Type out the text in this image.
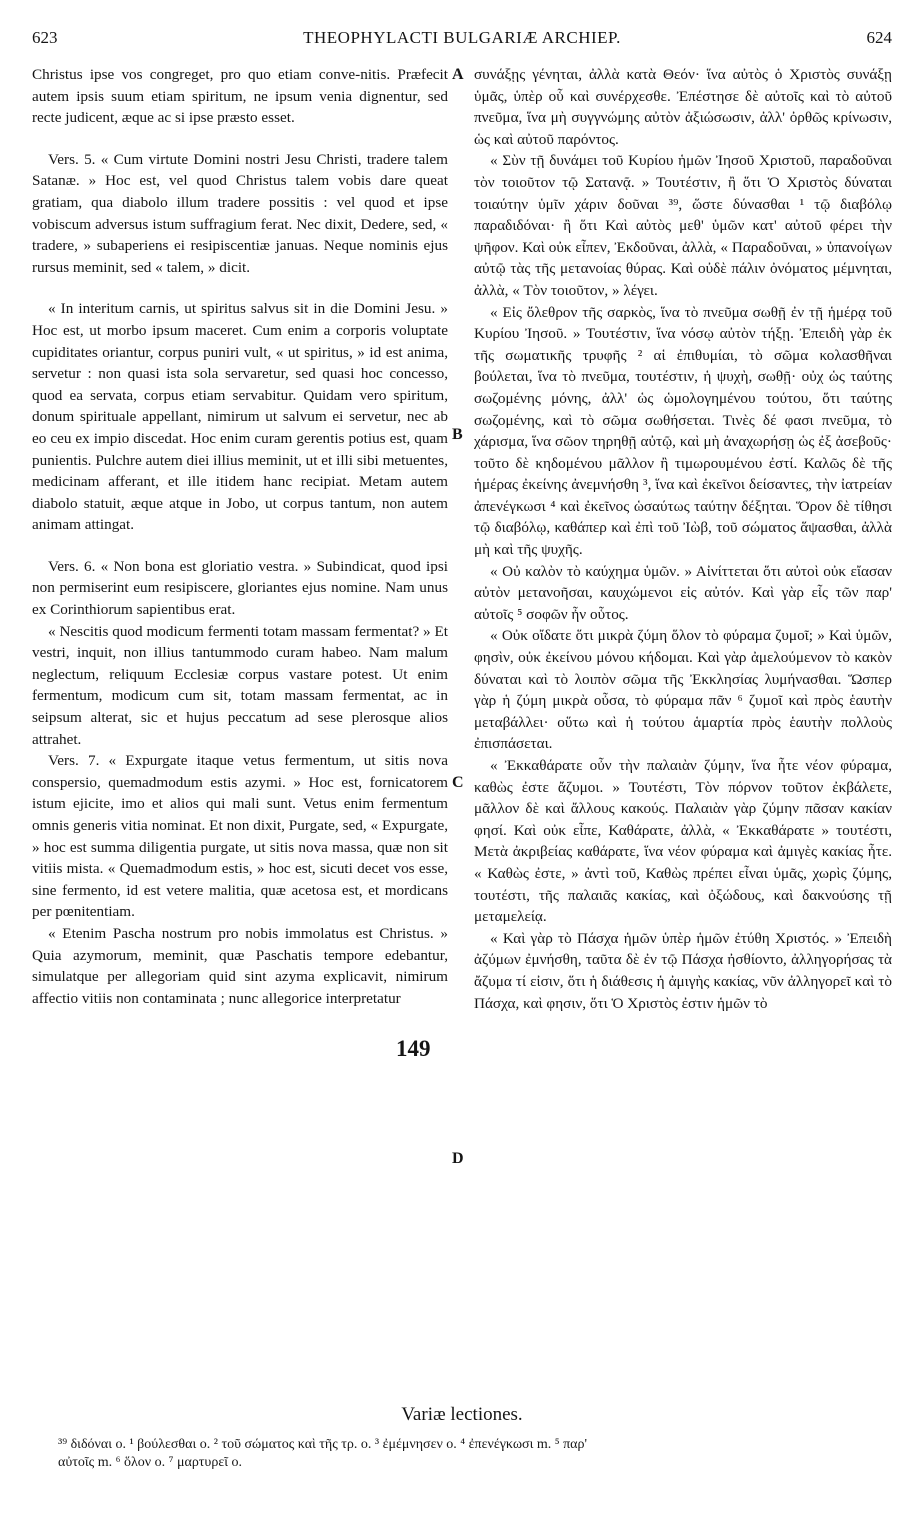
623	THEOPHYLACTI BULGARIÆ ARCHIEP.	624

Christus ipse vos congreget, pro quo etiam conve-nitis. Præfecit autem ipsis suum etiam spiritum, ne ipsum venia dignentur, sed recte judicent, æque ac si ipse præsto esset.

Vers. 5. « Cum virtute Domini nostri Jesu Christi, tradere talem Satanæ. » Hoc est, vel quod Christus talem vobis dare queat gratiam, qua diabolo illum tradere possitis : vel quod et ipse vobiscum adversus istum suffragium ferat. Nec dixit, Dedere, sed, « tradere, » subaperiens ei resipiscentiæ januas. Neque nominis ejus rursus meminit, sed « talem, » dicit.

« In interitum carnis, ut spiritus salvus sit in die Domini Jesu. » Hoc est, ut morbo ipsum maceret. Cum enim a corporis voluptate cupiditates oriantur, corpus puniri vult, « ut spiritus, » id est anima, servetur : non quasi ista sola servaretur, sed quasi hoc concesso, quod ea servata, corpus etiam servabitur. Quidam vero spiritum, donum spirituale appellant, nimirum ut salvum ei servetur, nec ab eo ceu ex impio discedat. Hoc enim curam gerentis potius est, quam punientis. Pulchre autem diei illius meminit, ut et illi sibi metuentes, medicinam afferant, et ille itidem hanc recipiat. Metam autem diabolo statuit, æque atque in Jobo, ut corpus tantum, non autem animam attingat.

Vers. 6. « Non bona est gloriatio vestra. » Subindicat, quod ipsi non permiserint eum resipiscere, gloriantes ejus nomine. Nam unus ex Corinthiorum sapientibus erat.

« Nescitis quod modicum fermenti totam massam fermentat? » Et vestri, inquit, non illius tantummodo curam habeo. Nam malum neglectum, reliquum Ecclesiæ corpus vastare potest. Ut enim fermentum, modicum cum sit, totam massam fermentat, ac in seipsum alterat, sic et hujus peccatum ad sese plerosque alios attrahet.

Vers. 7. « Expurgate itaque vetus fermentum, ut sitis nova conspersio, quemadmodum estis azymi. » Hoc est, fornicatorem istum ejicite, imo et alios qui mali sunt. Vetus enim fermentum omnis generis vitia nominat. Et non dixit, Purgate, sed, « Expurgate, » hoc est summa diligentia purgate, ut sitis nova massa, quæ non sit vitiis mista. « Quemadmodum estis, » hoc est, sicuti decet vos esse, sine fermento, id est vetere malitia, quæ acetosa est, et mordicans per pœnitentiam.

« Etenim Pascha nostrum pro nobis immolatus est Christus. » Quia azymorum, meminit, quæ Paschatis tempore edebantur, simulatque per allegoriam quid sint azyma explicavit, nimirum affectio vitiis non contaminata ; nunc allegorice interpretatur

συνάξῃς γένηται, ἀλλὰ κατὰ Θεόν· ἵνα αὐτὸς ὁ Χριστὸς συνάξῃ ὑμᾶς, ὑπὲρ οὗ καὶ συνέρχεσθε. Ἐπέστησε δὲ αὐτοῖς καὶ τὸ αὐτοῦ πνεῦμα, ἵνα μὴ συγγνώμης αὐτὸν ἀξιώσωσιν, ἀλλ' ὀρθῶς κρίνωσιν, ὡς καὶ αὐτοῦ παρόντος.

« Σὺν τῇ δυνάμει τοῦ Κυρίου ἡμῶν Ἰησοῦ Χριστοῦ, παραδοῦναι τὸν τοιοῦτον τῷ Σατανᾷ. » Τουτέστιν, ἢ ὅτι Ὁ Χριστὸς δύναται τοιαύτην ὑμῖν χάριν δοῦναι ³⁹, ὥστε δύνασθαι ¹ τῷ διαβόλῳ παραδιδόναι· ἢ ὅτι Καὶ αὐτὸς μεθ' ὑμῶν κατ' αὐτοῦ φέρει τὴν ψῆφον. Καὶ οὐκ εἶπεν, Ἐκδοῦναι, ἀλλὰ, « Παραδοῦναι, » ὑπανοίγων αὐτῷ τὰς τῆς μετανοίας θύρας. Καὶ οὐδὲ πάλιν ὀνόματος μέμνηται, ἀλλὰ, « Τὸν τοιοῦτον, » λέγει.

« Εἰς ὄλεθρον τῆς σαρκὸς, ἵνα τὸ πνεῦμα σωθῇ ἐν τῇ ἡμέρᾳ τοῦ Κυρίου Ἰησοῦ. » Τουτέστιν, ἵνα νόσῳ αὐτὸν τήξῃ. Ἐπειδὴ γὰρ ἐκ τῆς σωματικῆς τρυφῆς ² αἱ ἐπιθυμίαι, τὸ σῶμα κολασθῆναι βούλεται, ἵνα τὸ πνεῦμα, τουτέστιν, ἡ ψυχὴ, σωθῇ· οὐχ ὡς ταύτης σωζομένης μόνης, ἀλλ' ὡς ὡμολογημένου τούτου, ὅτι ταύτης σωζομένης, καὶ τὸ σῶμα σωθήσεται. Τινὲς δέ φασι πνεῦμα, τὸ χάρισμα, ἵνα σῶον τηρηθῇ αὐτῷ, καὶ μὴ ἀναχωρήσῃ ὡς ἐξ ἀσεβοῦς· τοῦτο δὲ κηδομένου μᾶλλον ἢ τιμωρουμένου ἐστί. Καλῶς δὲ τῆς ἡμέρας ἐκείνης ἀνεμνήσθη ³, ἵνα καὶ ἐκεῖνοι δείσαντες, τὴν ἰατρείαν ἀπενέγκωσι ⁴ καὶ ἐκεῖνος ὡσαύτως ταύτην δέξηται. Ὅρον δὲ τίθησι τῷ διαβόλῳ, καθάπερ καὶ ἐπὶ τοῦ Ἰὼβ, τοῦ σώματος ἅψασθαι, ἀλλὰ μὴ καὶ τῆς ψυχῆς.

« Οὐ καλὸν τὸ καύχημα ὑμῶν. » Αἰνίττεται ὅτι αὐτοὶ οὐκ εἴασαν αὐτὸν μετανοῆσαι, καυχώμενοι εἰς αὐτόν. Καὶ γὰρ εἷς τῶν παρ' αὐτοῖς ⁵ σοφῶν ἦν οὗτος.

« Οὐκ οἴδατε ὅτι μικρὰ ζύμη ὅλον τὸ φύραμα ζυμοῖ; » Καὶ ὑμῶν, φησὶν, οὐκ ἐκείνου μόνου κήδομαι. Καὶ γὰρ ἀμελούμενον τὸ κακὸν δύναται καὶ τὸ λοιπὸν σῶμα τῆς Ἐκκλησίας λυμήνασθαι. Ὥσπερ γὰρ ἡ ζύμη μικρὰ οὖσα, τὸ φύραμα πᾶν ⁶ ζυμοῖ καὶ πρὸς ἑαυτὴν μεταβάλλει· οὕτω καὶ ἡ τούτου ἁμαρτία πρὸς ἑαυτὴν πολλοὺς ἐπισπάσεται.

« Ἐκκαθάρατε οὖν τὴν παλαιὰν ζύμην, ἵνα ἦτε νέον φύραμα, καθὼς ἐστε ἄζυμοι. » Τουτέστι, Τὸν πόρνον τοῦτον ἐκβάλετε, μᾶλλον δὲ καὶ ἄλλους κακούς. Παλαιὰν γὰρ ζύμην πᾶσαν κακίαν φησί. Καὶ οὐκ εἶπε, Καθάρατε, ἀλλὰ, « Ἐκκαθάρατε » τουτέστι, Μετὰ ἀκριβείας καθάρατε, ἵνα νέον φύραμα καὶ ἀμιγὲς κακίας ἦτε. « Καθὼς ἐστε, » ἀντὶ τοῦ, Καθὼς πρέπει εἶναι ὑμᾶς, χωρὶς ζύμης, τουτέστι, τῆς παλαιᾶς κακίας, καὶ ὀξώδους, καὶ δακνούσης τῇ μεταμελείᾳ.

« Καὶ γὰρ τὸ Πάσχα ἡμῶν ὑπὲρ ἡμῶν ἐτύθη Χριστός. » Ἐπειδὴ ἀζύμων ἐμνήσθη, ταῦτα δὲ ἐν τῷ Πάσχα ἠσθίοντο, ἀλληγορήσας τὰ ἄζυμα τί εἰσιν, ὅτι ἡ διάθεσις ἡ ἀμιγὴς κακίας, νῦν ἀλληγορεῖ καὶ τὸ Πάσχα, καὶ φησιν, ὅτι Ὁ Χριστὸς ἐστιν ἡμῶν τὸ

A
B
C
D
149
Variæ lectiones.
³⁹ διδόναι ο. ¹ βούλεσθαι ο. ² τοῦ σώματος καὶ τῆς τρ. ο. ³ ἐμέμνησεν ο. ⁴ ἐπενέγκωσι m. ⁵ παρ'
αὐτοῖς m. ⁶ ὅλον ο. ⁷ μαρτυρεῖ ο.
